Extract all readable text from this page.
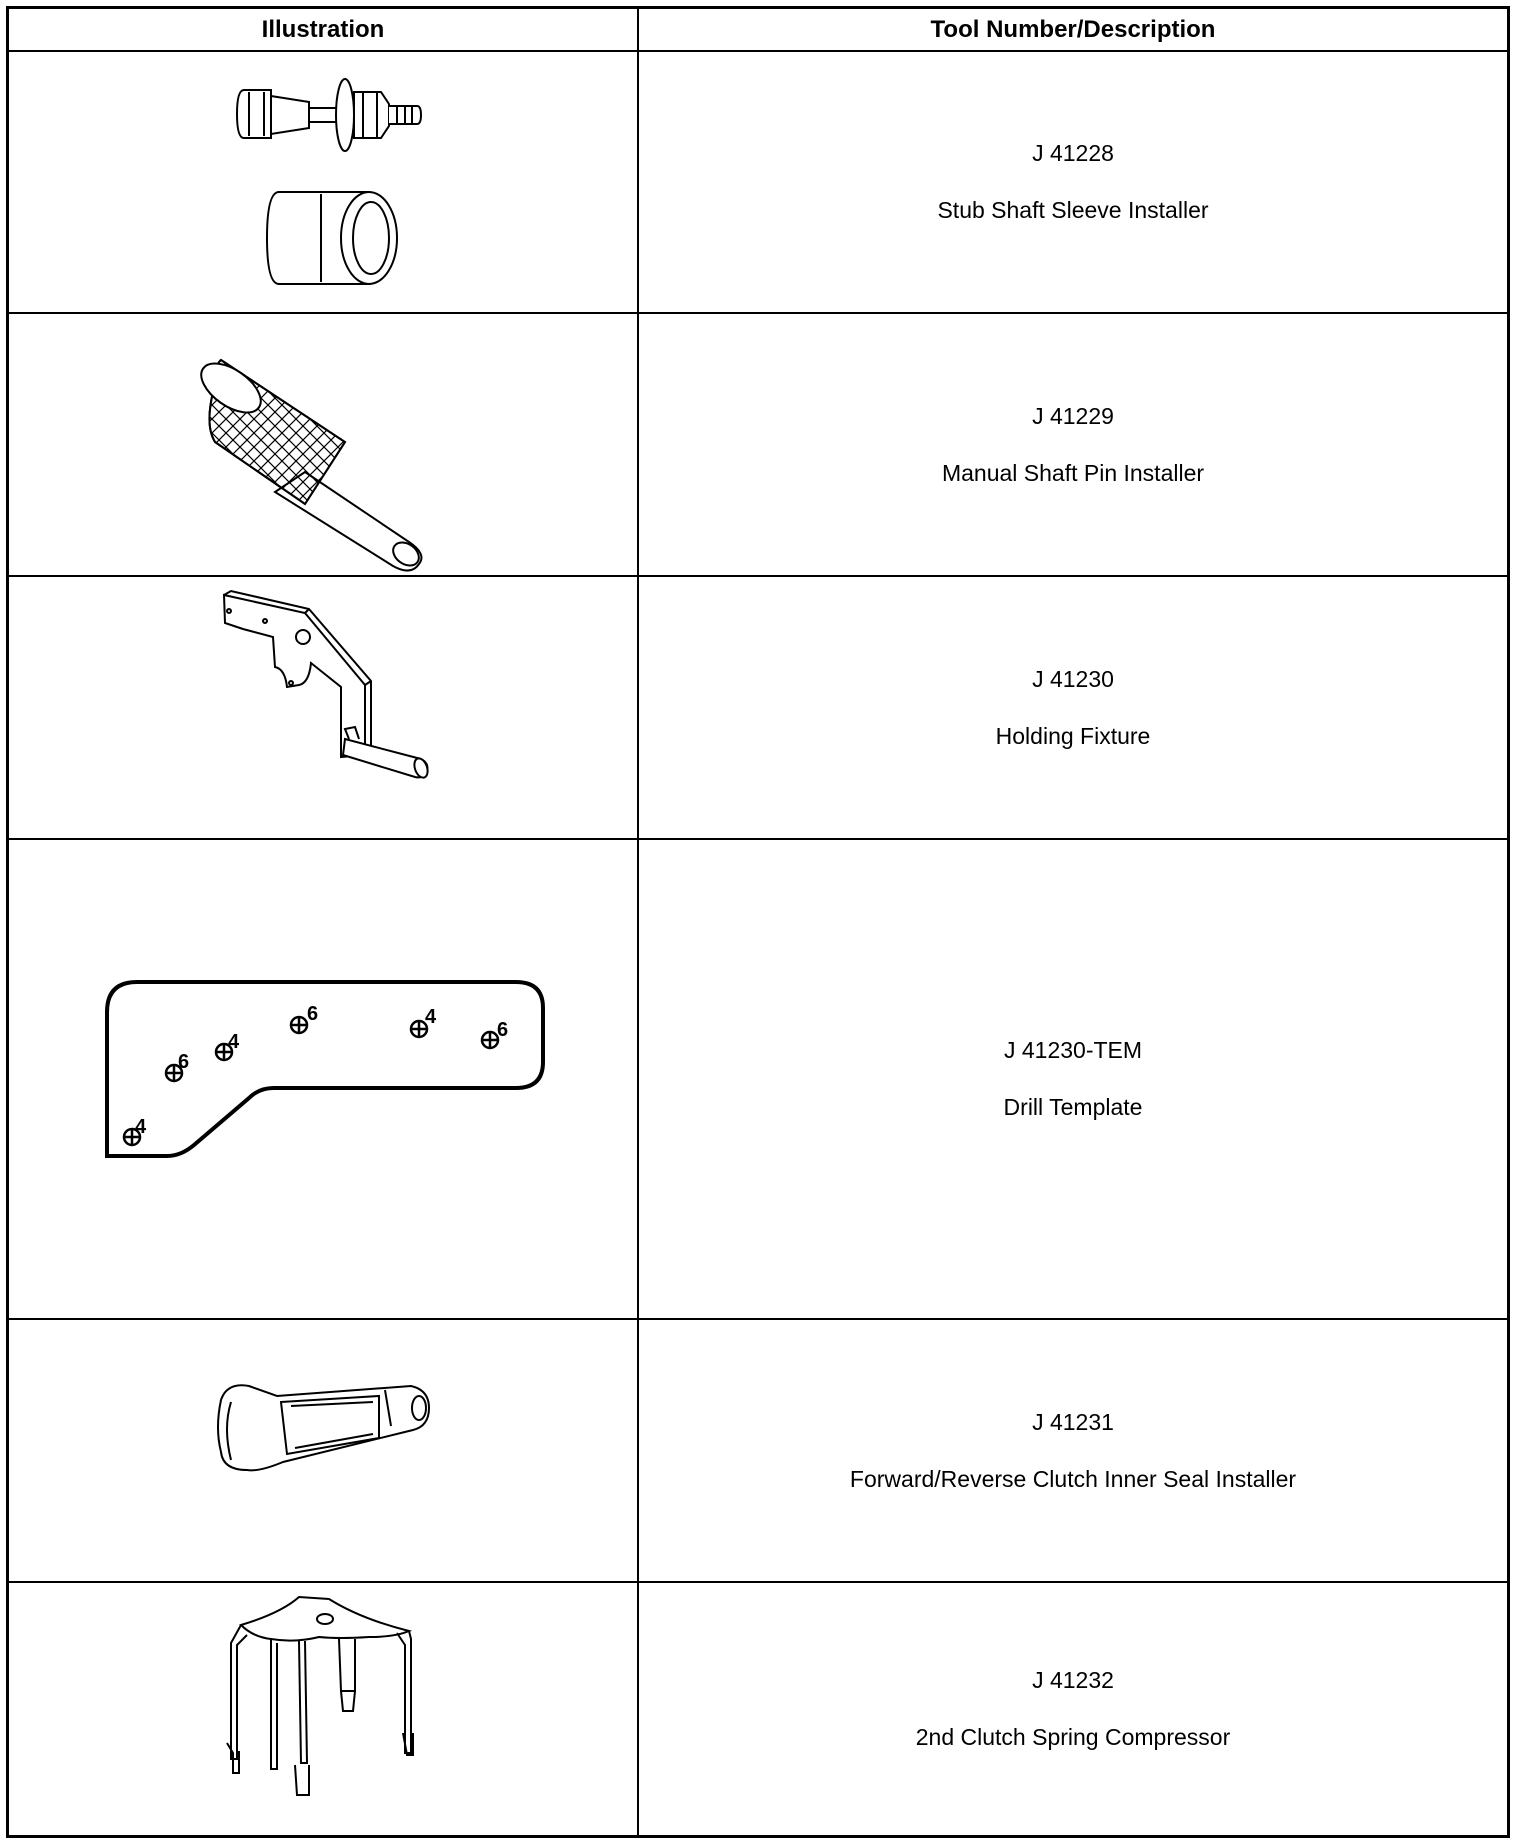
Illustration	Tool Number/Description
J 41228
Stub Shaft Sleeve Installer
J 41229
Manual Shaft Pin Installer
J 41230
Holding Fixture
4
6
4
6	4
6
J 41230-TEM
Drill Template
J 41231
Forward/Reverse Clutch Inner Seal Installer
J 41232
2nd Clutch Spring Compressor
